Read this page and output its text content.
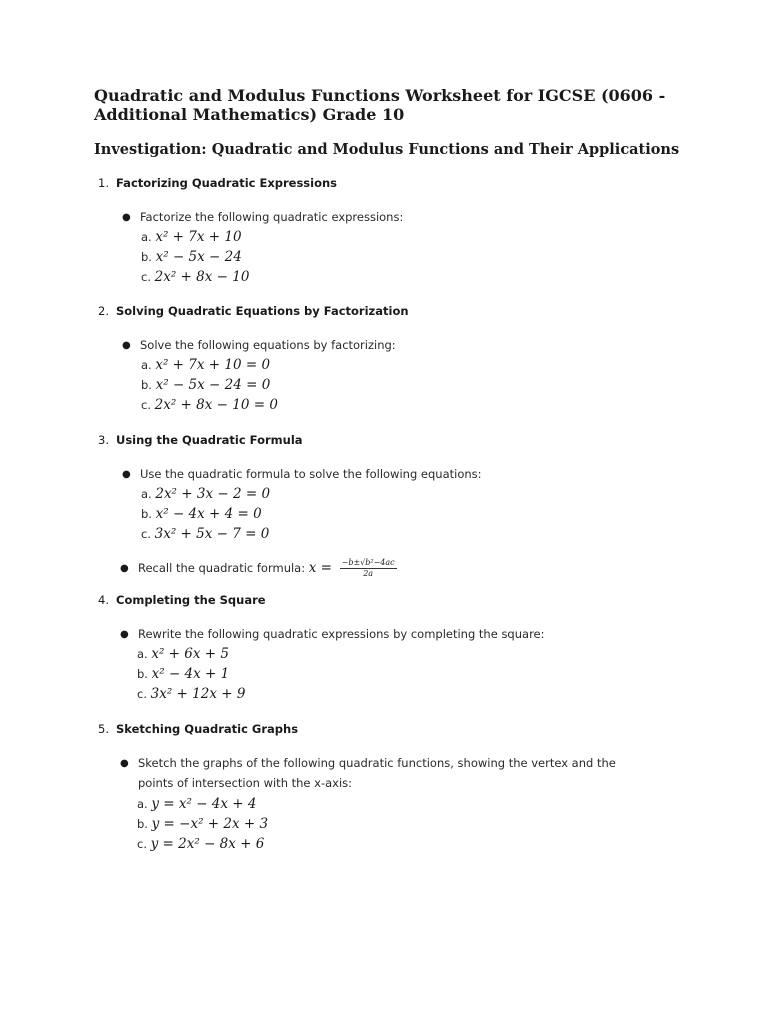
Quadratic and Modulus Functions Worksheet for IGCSE (0606 - Additional Mathematics) Grade 10
Investigation: Quadratic and Modulus Functions and Their Applications
1. Factorizing Quadratic Expressions
● Factorize the following quadratic expressions:
a. x² + 7x + 10
b. x² − 5x − 24
c. 2x² + 8x − 10
2. Solving Quadratic Equations by Factorization
● Solve the following equations by factorizing:
a. x² + 7x + 10 = 0
b. x² − 5x − 24 = 0
c. 2x² + 8x − 10 = 0
3. Using the Quadratic Formula
● Use the quadratic formula to solve the following equations:
a. 2x² + 3x − 2 = 0
b. x² − 4x + 4 = 0
c. 3x² + 5x − 7 = 0
● Recall the quadratic formula: $x = \frac{\text{−b±√b²−4ac}}{2a}$
4. Completing the Square
● Rewrite the following quadratic expressions by completing the square:
a. x² + 6x + 5
b. x² − 4x + 1
c. 3x² + 12x + 9
5. Sketching Quadratic Graphs
● Sketch the graphs of the following quadratic functions, showing the vertex and the points of intersection with the x-axis:
a. y = x² − 4x + 4
b. y = −x² + 2x + 3
c. y = 2x² − 8x + 6
